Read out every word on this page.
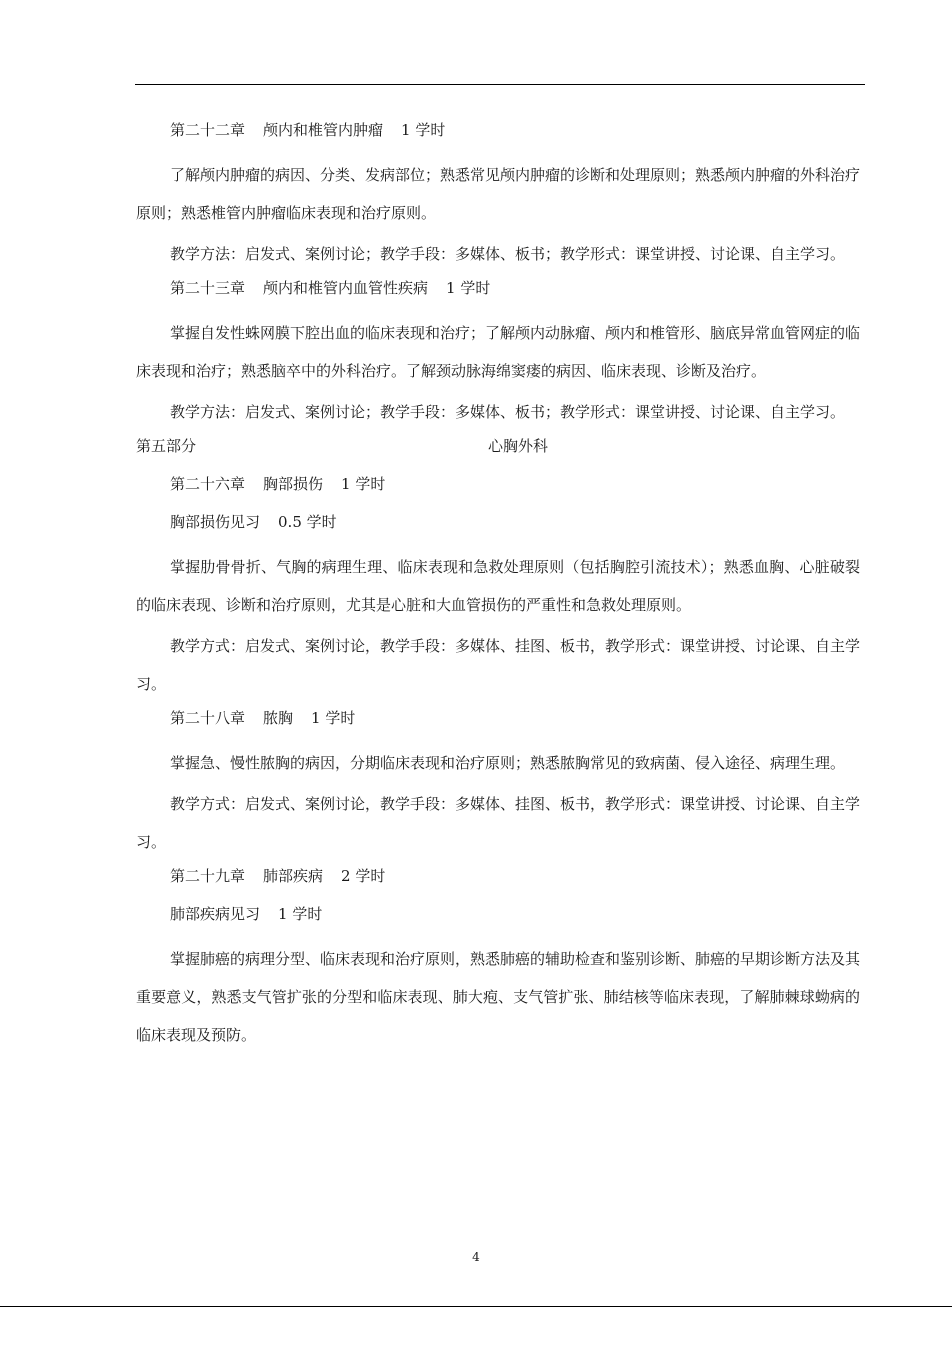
第二十二章 颅内和椎管内肿瘤 1 学时

了解颅内肿瘤的病因、分类、发病部位；熟悉常见颅内肿瘤的诊断和处理原则；熟悉颅内肿瘤的外科治疗原则；熟悉椎管内肿瘤临床表现和治疗原则。

教学方法：启发式、案例讨论；教学手段：多媒体、板书；教学形式：课堂讲授、讨论课、自主学习。

第二十三章 颅内和椎管内血管性疾病 1 学时

掌握自发性蛛网膜下腔出血的临床表现和治疗；了解颅内动脉瘤、颅内和椎管形、脑底异常血管网症的临床表现和治疗；熟悉脑卒中的外科治疗。了解颈动脉海绵窦瘘的病因、临床表现、诊断及治疗。

教学方法：启发式、案例讨论；教学手段：多媒体、板书；教学形式：课堂讲授、讨论课、自主学习。

第五部分	心胸外科

第二十六章 胸部损伤 1 学时

胸部损伤见习 0.5 学时

掌握肋骨骨折、气胸的病理生理、临床表现和急救处理原则（包括胸腔引流技术）；熟悉血胸、心脏破裂的临床表现、诊断和治疗原则，尤其是心脏和大血管损伤的严重性和急救处理原则。

教学方式：启发式、案例讨论，教学手段：多媒体、挂图、板书，教学形式：课堂讲授、讨论课、自主学习。

第二十八章 脓胸 1 学时

掌握急、慢性脓胸的病因，分期临床表现和治疗原则；熟悉脓胸常见的致病菌、侵入途径、病理生理。

教学方式：启发式、案例讨论，教学手段：多媒体、挂图、板书，教学形式：课堂讲授、讨论课、自主学习。

第二十九章 肺部疾病 2 学时

肺部疾病见习 1 学时

掌握肺癌的病理分型、临床表现和治疗原则，熟悉肺癌的辅助检查和鉴别诊断、肺癌的早期诊断方法及其重要意义，熟悉支气管扩张的分型和临床表现、肺大疱、支气管扩张、肺结核等临床表现，了解肺棘球蚴病的临床表现及预防。

4
